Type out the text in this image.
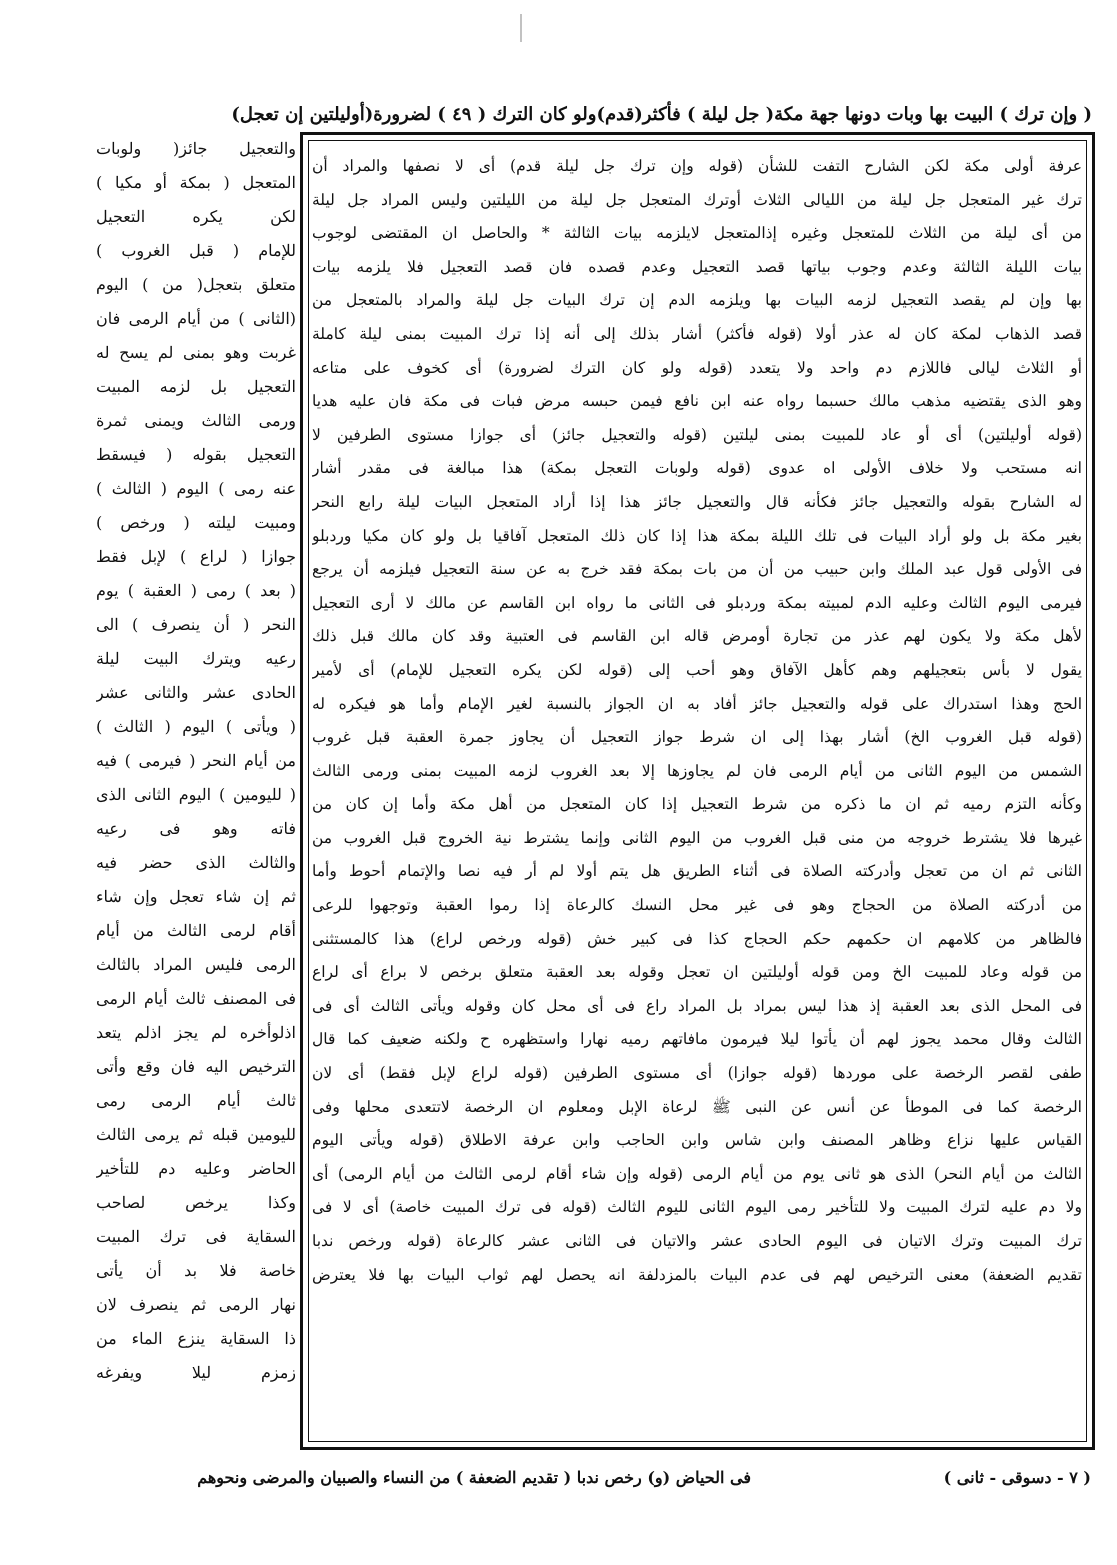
( وإن ترك ) البيت بها وبات دونها جهة مكة( جل ليلة ) فأكثر(قدم)ولو كان الترك ( ٤٩ ) لضرورة(أوليلتين إن تعجل)
عرفة أولى مكة لكن الشارح التفت للشأن (قوله وإن ترك جل ليلة قدم) أى لا نصفها والمراد أن
ترك غير المتعجل جل ليلة من الليالى الثلاث أوترك المتعجل جل ليلة من الليلتين وليس المراد جل ليلة
من أى ليلة من الثلاث للمتعجل وغيره إذالمتعجل لايلزمه بيات الثالثة * والحاصل ان المقتضى لوجوب
بيات الليلة الثالثة وعدم وجوب بياتها قصد التعجيل وعدم قصده فان قصد التعجيل فلا يلزمه بيات
بها وإن لم يقصد التعجيل لزمه البيات بها ويلزمه الدم إن ترك البيات جل ليلة والمراد بالمتعجل من
قصد الذهاب لمكة كان له عذر أولا (قوله فأكثر) أشار بذلك إلى أنه إذا ترك المبيت بمنى ليلة كاملة
أو الثلاث ليالى فاللازم دم واحد ولا يتعدد (قوله ولو كان الترك لضرورة) أى كخوف على متاعه
وهو الذى يقتضيه مذهب مالك حسبما رواه عنه ابن نافع فيمن حبسه مرض فبات فى مكة فان عليه هديا
(قوله أوليلتين) أى أو عاد للمبيت بمنى ليلتين (قوله والتعجيل جائز) أى جوازا مستوى الطرفين لا
انه مستحب ولا خلاف الأولى اه عدوى (قوله ولوبات التعجل بمكة) هذا مبالغة فى مقدر أشار
له الشارح بقوله والتعجيل جائز فكأنه قال والتعجيل جائز هذا إذا أراد المتعجل البيات ليلة رابع النحر
بغير مكة بل ولو أراد البيات فى تلك الليلة بمكة هذا إذا كان ذلك المتعجل آفاقيا بل ولو كان مكيا وردبلو
فى الأولى قول عبد الملك وابن حبيب من أن من بات بمكة فقد خرج به عن سنة التعجيل فيلزمه أن يرجع
فيرمى اليوم الثالث وعليه الدم لمبيته بمكة وردبلو فى الثانى ما رواه ابن القاسم عن مالك لا أرى التعجيل
لأهل مكة ولا يكون لهم عذر من تجارة أومرض قاله ابن القاسم فى العتبية وقد كان مالك قبل ذلك
يقول لا بأس بتعجيلهم وهم كأهل الآفاق وهو أحب إلى (قوله لكن يكره التعجيل للإمام) أى لأمير
الحج وهذا استدراك على قوله والتعجيل جائز أفاد به ان الجواز بالنسبة لغير الإمام وأما هو فيكره له
(قوله قبل الغروب الخ) أشار بهذا إلى ان شرط جواز التعجيل أن يجاوز جمرة العقبة قبل غروب
الشمس من اليوم الثانى من أيام الرمى فان لم يجاوزها إلا بعد الغروب لزمه المبيت بمنى ورمى الثالث
وكأنه التزم رميه ثم ان ما ذكره من شرط التعجيل إذا كان المتعجل من أهل مكة وأما إن كان من
غيرها فلا يشترط خروجه من منى قبل الغروب من اليوم الثانى وإنما يشترط نية الخروج قبل الغروب من
الثانى ثم ان من تعجل وأدركته الصلاة فى أثناء الطريق هل يتم أولا لم أر فيه نصا والإتمام أحوط وأما
من أدركته الصلاة من الحجاج وهو فى غير محل النسك كالرعاة إذا رموا العقبة وتوجهوا للرعى
فالظاهر من كلامهم ان حكمهم حكم الحجاج كذا فى كبير خش (قوله ورخص لراع) هذا كالمستثنى
من قوله وعاد للمبيت الخ ومن قوله أوليلتين ان تعجل وقوله بعد العقبة متعلق برخص لا براع أى لراع
فى المحل الذى بعد العقبة إذ هذا ليس بمراد بل المراد راع فى أى محل كان وقوله ويأتى الثالث أى فى
الثالث وقال محمد يجوز لهم أن يأتوا ليلا فيرمون مافاتهم رميه نهارا واستظهره ح ولكنه ضعيف كما قال
طفى لقصر الرخصة على موردها (قوله جوازا) أى مستوى الطرفين (قوله لراع لإبل فقط) أى لان
الرخصة كما فى الموطأ عن أنس عن النبى ﷺ لرعاة الإبل ومعلوم ان الرخصة لاتتعدى محلها وفى
القياس عليها نزاع وظاهر المصنف وابن شاس وابن الحاجب وابن عرفة الاطلاق (قوله ويأتى اليوم
الثالث من أيام النحر) الذى هو ثانى يوم من أيام الرمى (قوله وإن شاء أقام لرمى الثالث من أيام الرمى) أى
ولا دم عليه لترك المبيت ولا للتأخير رمى اليوم الثانى لليوم الثالث (قوله فى ترك المبيت خاصة) أى لا فى
ترك المبيت وترك الاتيان فى اليوم الحادى عشر والاتيان فى الثانى عشر كالرعاة (قوله ورخص ندبا
تقديم الضعفة) معنى الترخيص لهم فى عدم البيات بالمزدلفة انه يحصل لهم ثواب البيات بها فلا يعترض
والتعجيل جائز( ولوبات
المتعجل ( بمكة أو مكيا )
لكن يكره التعجيل
للإمام ( قبل الغروب )
متعلق بتعجل( من ) اليوم
(الثانى ) من أيام الرمى فان
غربت وهو بمنى لم يسح له
التعجيل بل لزمه المبيت
ورمى الثالث ويمنى ثمرة
التعجيل بقوله ( فيسقط
عنه رمى ) اليوم ( الثالث )
ومبيت ليلته ( ورخص )
جوازا ( لراع ) لإبل فقط
( بعد ) رمى ( العقبة ) يوم
النحر ( أن ينصرف ) الى
رعيه ويترك البيت ليلة
الحادى عشر والثانى عشر
( ويأتى ) اليوم ( الثالث )
من أيام النحر ( فيرمى ) فيه
( لليومين ) اليوم الثانى الذى
فاته وهو فى رعيه
والثالث الذى حضر فيه
ثم إن شاء تعجل وإن شاء
أقام لرمى الثالث من أيام
الرمى فليس المراد بالثالث
فى المصنف ثالث أيام الرمى
اذلوأخره لم يجز اذلم يتعد
الترخيص اليه فان وقع وأتى
ثالث أيام الرمى رمى
لليومين قبله ثم يرمى الثالث
الحاضر وعليه دم للتأخير
وكذا يرخص لصاحب
السقاية فى ترك المبيت
خاصة فلا بد أن يأتى
نهار الرمى ثم ينصرف لان
ذا السقاية ينزع الماء من
زمزم ليلا ويفرغه
( ٧ - دسوقى - ثانى )
فى الحياض (و) رخص ندبا ( تقديم الضعفة ) من النساء والصبيان والمرضى ونحوهم
